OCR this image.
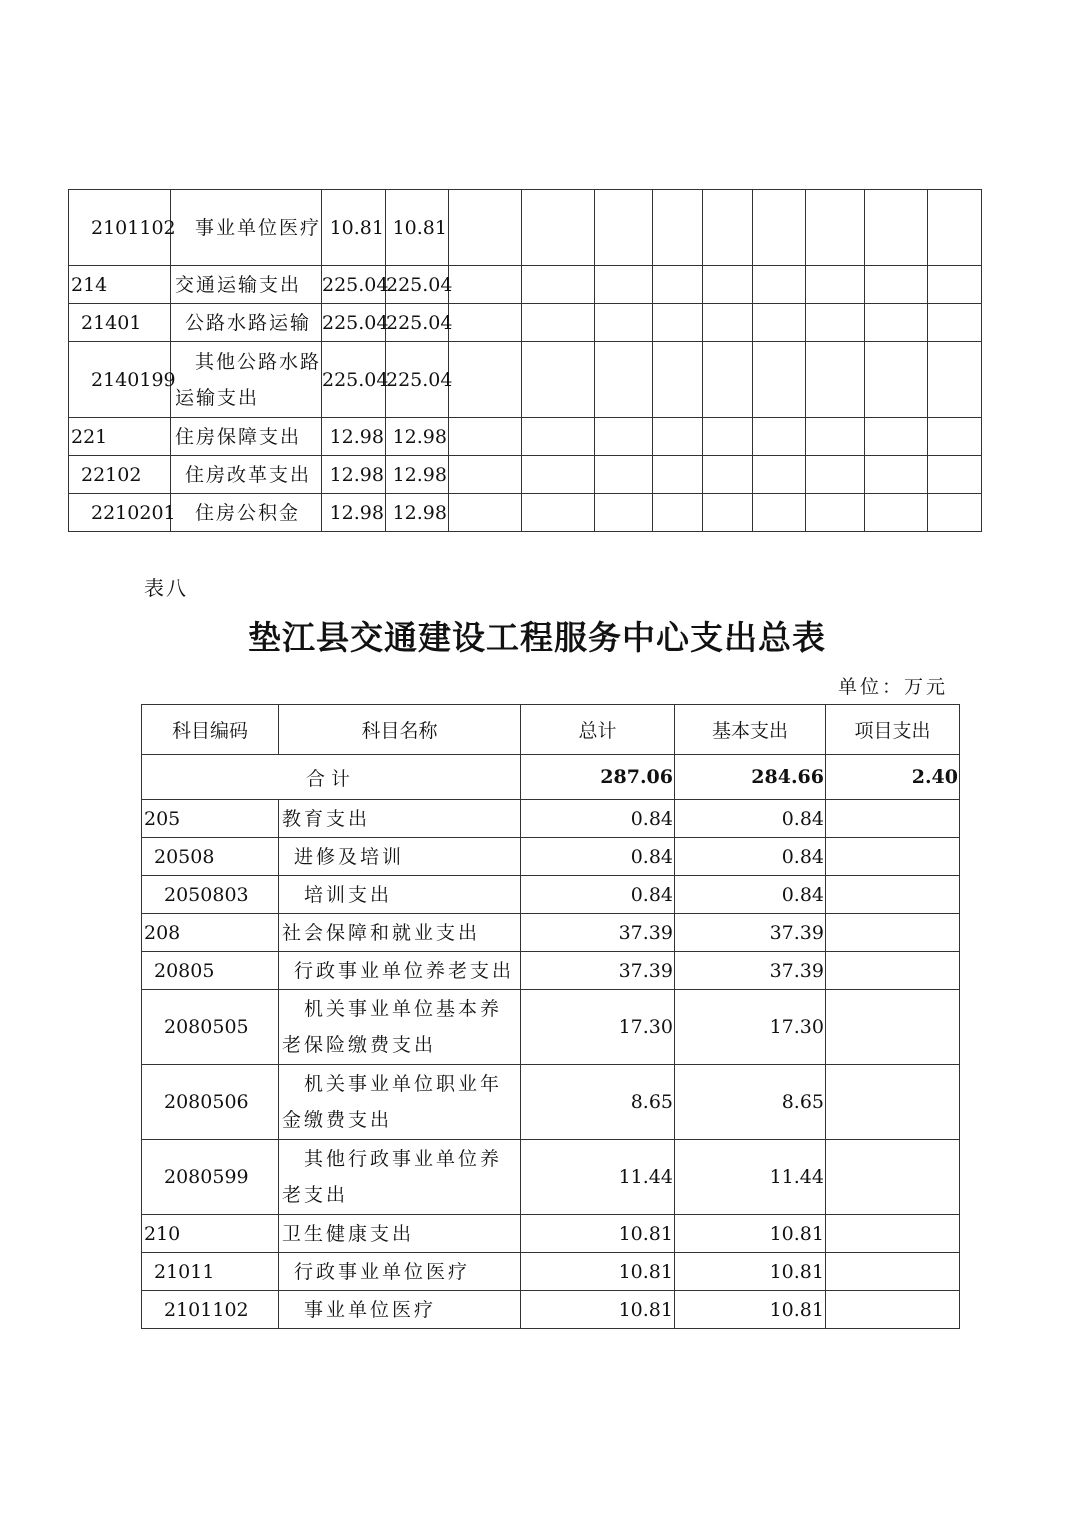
2101102	事业单位医疗	10.81	10.81									
214	交通运输支出	225.04	225.04									
21401	公路水路运输	225.04	225.04									
2140199	其他公路水路运输支出	225.04	225.04									
221	住房保障支出	12.98	12.98									
22102	住房改革支出	12.98	12.98									
2210201	住房公积金	12.98	12.98									
表八
垫江县交通建设工程服务中心支出总表
单位：万元
科目编码	科目名称	总计	基本支出	项目支出
合计		287.06	284.66	2.40
205	教育支出	0.84	0.84	
20508	进修及培训	0.84	0.84	
2050803	培训支出	0.84	0.84	
208	社会保障和就业支出	37.39	37.39	
20805	行政事业单位养老支出	37.39	37.39	
2080505	机关事业单位基本养老保险缴费支出	17.30	17.30	
2080506	机关事业单位职业年金缴费支出	8.65	8.65	
2080599	其他行政事业单位养老支出	11.44	11.44	
210	卫生健康支出	10.81	10.81	
21011	行政事业单位医疗	10.81	10.81	
2101102	事业单位医疗	10.81	10.81	
